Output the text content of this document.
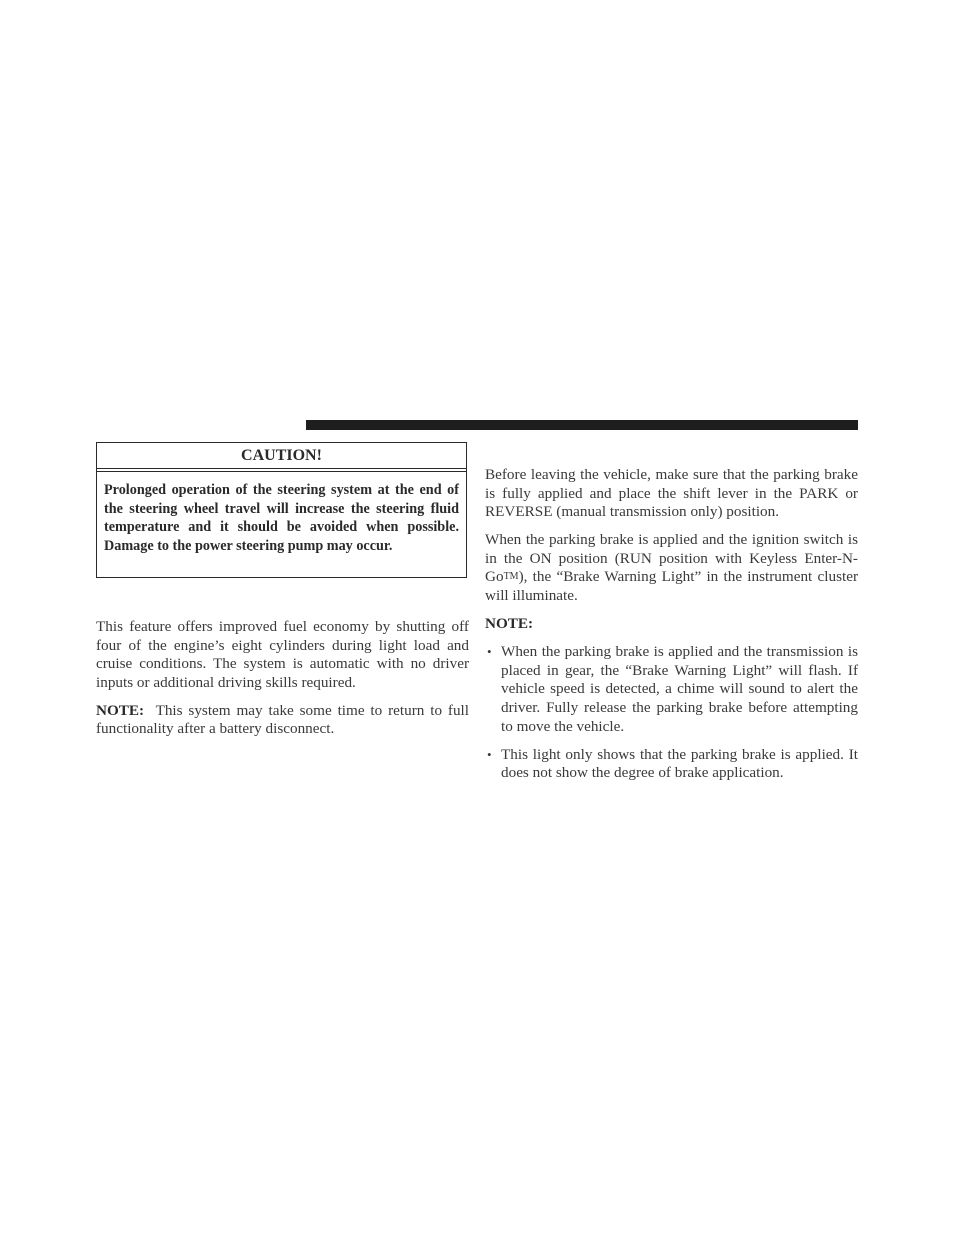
CAUTION!
Prolonged operation of the steering system at the end of the steering wheel travel will increase the steering fluid temperature and it should be avoided when possible. Damage to the power steering pump may occur.

This feature offers improved fuel economy by shutting off four of the engine’s eight cylinders during light load and cruise conditions. The system is automatic with no driver inputs or additional driving skills required.

NOTE: This system may take some time to return to full functionality after a battery disconnect.

Before leaving the vehicle, make sure that the parking brake is fully applied and place the shift lever in the PARK or REVERSE (manual transmission only) position.

When the parking brake is applied and the ignition switch is in the ON position (RUN position with Keyless Enter-N-GoTM), the “Brake Warning Light” in the instrument cluster will illuminate.

NOTE:
• When the parking brake is applied and the transmission is placed in gear, the “Brake Warning Light” will flash. If vehicle speed is detected, a chime will sound to alert the driver. Fully release the parking brake before attempting to move the vehicle.
• This light only shows that the parking brake is applied. It does not show the degree of brake application.
